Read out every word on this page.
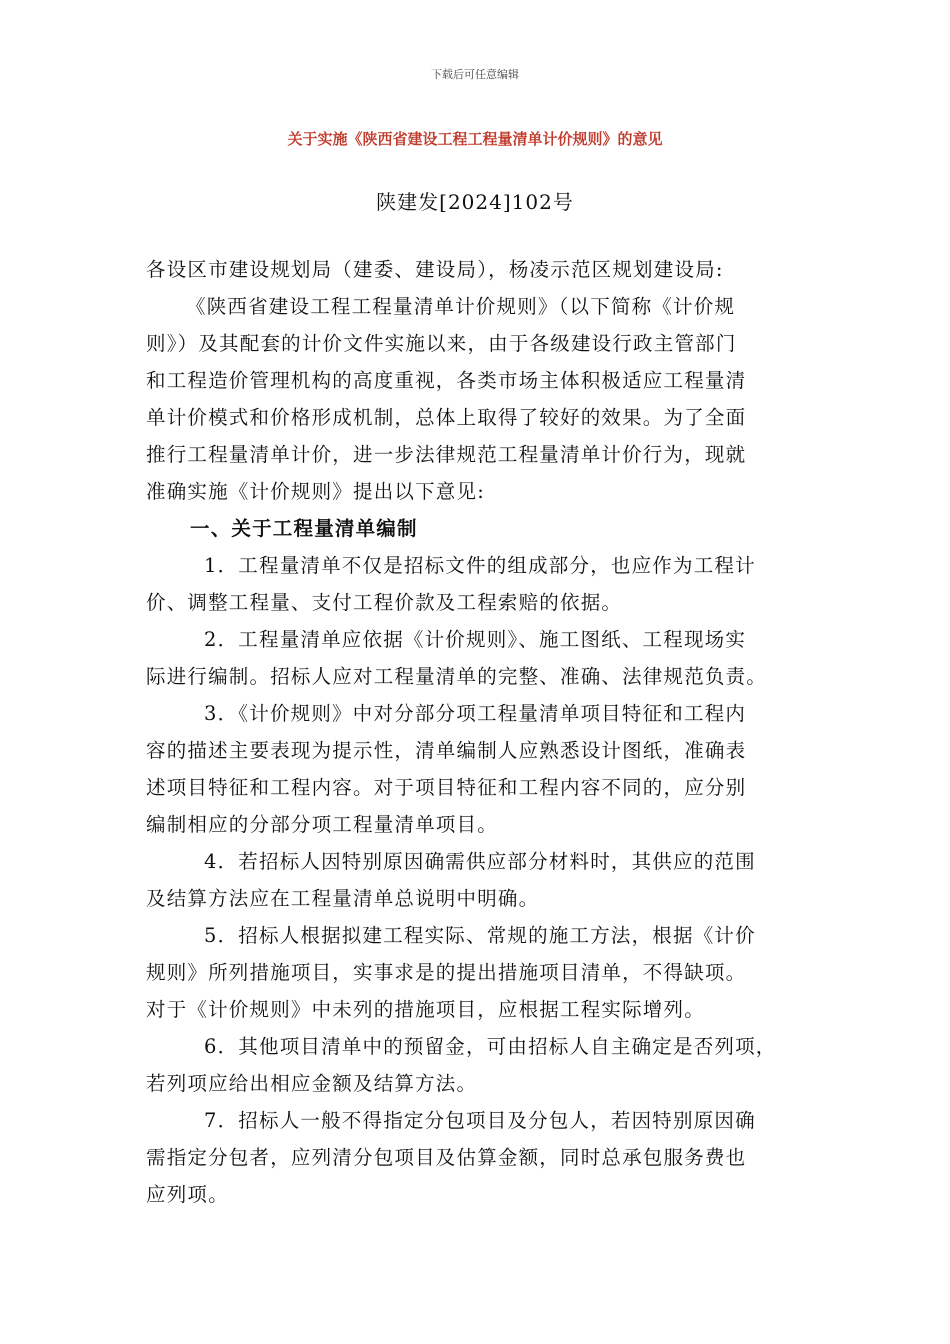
下载后可任意编辑
关于实施《陕西省建设工程工程量清单计价规则》的意见
陕建发[2024]102号
各设区市建设规划局（建委、建设局），杨凌示范区规划建设局:
《陕西省建设工程工程量清单计价规则》（以下简称《计价规
则》）及其配套的计价文件实施以来，由于各级建设行政主管部门
和工程造价管理机构的高度重视，各类市场主体积极适应工程量清
单计价模式和价格形成机制，总体上取得了较好的效果。为了全面
推行工程量清单计价，进一步法律规范工程量清单计价行为，现就
准确实施《计价规则》提出以下意见:
一、关于工程量清单编制
1．工程量清单不仅是招标文件的组成部分，也应作为工程计
价、调整工程量、支付工程价款及工程索赔的依据。
2．工程量清单应依据《计价规则》、施工图纸、工程现场实
际进行编制。招标人应对工程量清单的完整、准确、法律规范负责。
3．《计价规则》中对分部分项工程量清单项目特征和工程内
容的描述主要表现为提示性，清单编制人应熟悉设计图纸，准确表
述项目特征和工程内容。对于项目特征和工程内容不同的，应分别
编制相应的分部分项工程量清单项目。
4．若招标人因特别原因确需供应部分材料时，其供应的范围
及结算方法应在工程量清单总说明中明确。
5．招标人根据拟建工程实际、常规的施工方法，根据《计价
规则》所列措施项目，实事求是的提出措施项目清单，不得缺项。
对于《计价规则》中未列的措施项目，应根据工程实际增列。
6．其他项目清单中的预留金，可由招标人自主确定是否列项，
若列项应给出相应金额及结算方法。
7．招标人一般不得指定分包项目及分包人，若因特别原因确
需指定分包者，应列清分包项目及估算金额，同时总承包服务费也
应列项。
